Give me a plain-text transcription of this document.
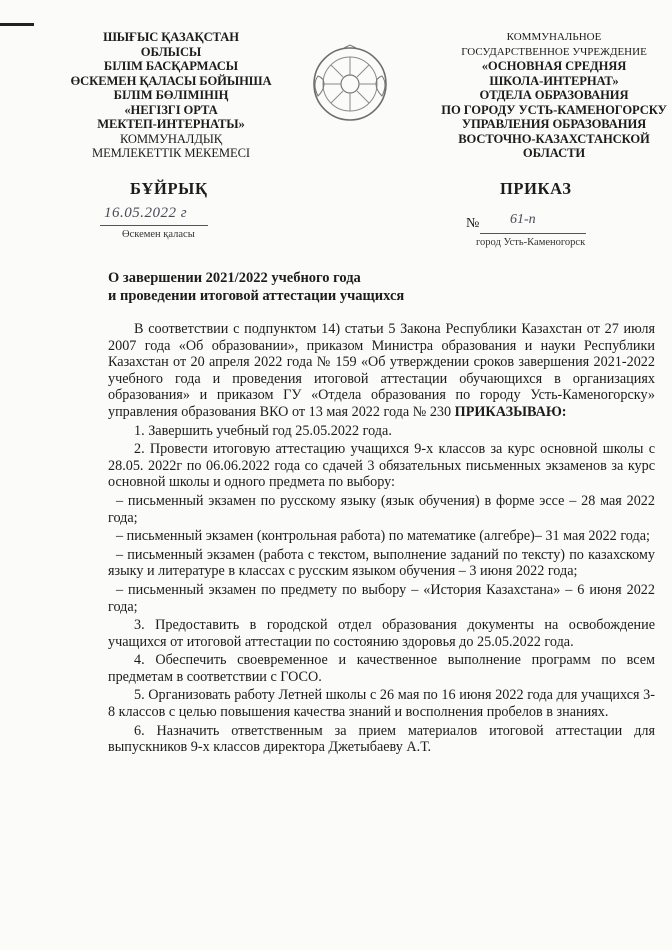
ШЫҒЫС ҚАЗАҚСТАН
ОБЛЫСЫ
БІЛІМ БАСҚАРМАСЫ
ӨСКЕМЕН ҚАЛАСЫ БОЙЫНША
БІЛІМ БӨЛІМІНІҢ
«НЕГІЗГІ ОРТА
МЕКТЕП-ИНТЕРНАТЫ»
КОММУНАЛДЫҚ
МЕМЛЕКЕТТІК МЕКЕМЕСІ
КОММУНАЛЬНОЕ
ГОСУДАРСТВЕННОЕ УЧРЕЖДЕНИЕ
«ОСНОВНАЯ СРЕДНЯЯ
ШКОЛА-ИНТЕРНАТ»
ОТДЕЛА ОБРАЗОВАНИЯ
ПО ГОРОДУ УСТЬ-КАМЕНОГОРСКУ
УПРАВЛЕНИЯ ОБРАЗОВАНИЯ
ВОСТОЧНО-КАЗАХСТАНСКОЙ
ОБЛАСТИ
БҰЙРЫҚ	ПРИКАЗ
16.05.2022 г
Өскемен қаласы
№ 61-п
город Усть-Каменогорск
О завершении 2021/2022 учебного года
и проведении итоговой аттестации учащихся

В соответствии с подпунктом 14) статьи 5 Закона Республики Казахстан от 27 июля 2007 года «Об образовании», приказом Министра образования и науки Республики Казахстан от 20 апреля 2022 года № 159 «Об утверждении сроков завершения 2021-2022 учебного года и проведения итоговой аттестации обучающихся в организациях образования» и приказом ГУ «Отдела образования по городу Усть-Каменогорску» управления образования ВКО от 13 мая 2022 года № 230 ПРИКАЗЫВАЮ:

1. Завершить учебный год 25.05.2022 года.

2. Провести итоговую аттестацию учащихся 9-х классов за курс основной школы с 28.05. 2022г по 06.06.2022 года со сдачей 3 обязательных письменных экзаменов за курс основной школы и одного предмета по выбору:

– письменный экзамен по русскому языку (язык обучения) в форме эссе – 28 мая 2022 года;

– письменный экзамен (контрольная работа) по математике (алгебре)– 31 мая 2022 года;

– письменный экзамен (работа с текстом, выполнение заданий по тексту) по казахскому языку и литературе в классах с русским языком обучения – 3 июня 2022 года;

– письменный экзамен по предмету по выбору – «История Казахстана» – 6 июня 2022 года;

3. Предоставить в городской отдел образования документы на освобождение учащихся от итоговой аттестации по состоянию здоровья до 25.05.2022 года.

4. Обеспечить своевременное и качественное выполнение программ по всем предметам в соответствии с ГОСО.

5. Организовать работу Летней школы с 26 мая по 16 июня 2022 года для учащихся 3-8 классов с целью повышения качества знаний и восполнения пробелов в знаниях.

6. Назначить ответственным за прием материалов итоговой аттестации для выпускников 9-х классов директора Джетыбаеву А.Т.
